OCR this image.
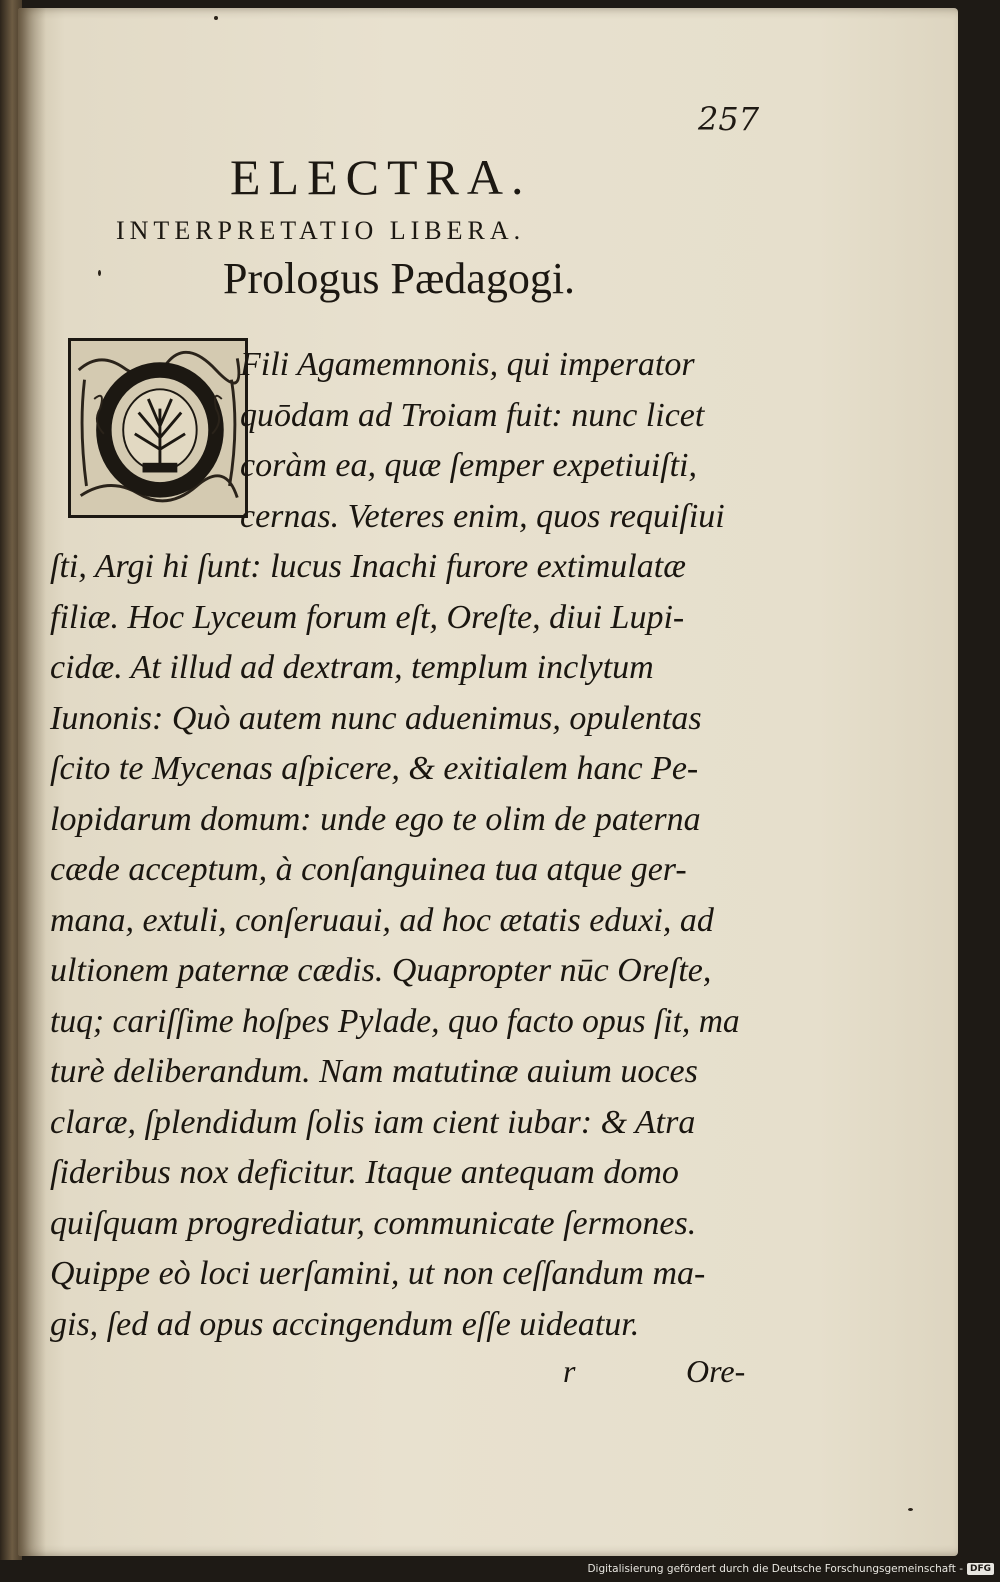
257
ELECTRA.
INTERPRETATIO LIBERA.
Prologus Pædagogi.
Fili Agamemnonis, qui imperator
quōdam ad Troiam fuit: nunc licet
coràm ea, quæ ſemper expetiuiſti,
cernas. Veteres enim, quos requiſiui
ſti, Argi hi ſunt: lucus Inachi furore extimulatæ
filiæ. Hoc Lyceum forum eſt, Oreſte, diui Lupi-
cidæ. At illud ad dextram, templum inclytum
Iunonis: Quò autem nunc aduenimus, opulentas
ſcito te Mycenas aſpicere, & exitialem hanc Pe-
lopidarum domum: unde ego te olim de paterna
cæde acceptum, à conſanguinea tua atque ger-
mana, extuli, conſeruaui, ad hoc ætatis eduxi, ad
ultionem paternæ cædis. Quapropter nūc Oreſte,
tuq; cariſſime hoſpes Pylade, quo facto opus ſit, ma
turè deliberandum. Nam matutinæ auium uoces
claræ, ſplendidum ſolis iam cient iubar: & Atra
ſideribus nox deficitur. Itaque antequam domo
quiſquam progrediatur, communicate ſermones.
Quippe eò loci uerſamini, ut non ceſſandum ma-
gis, ſed ad opus accingendum eſſe uideatur.
r	Ore-
Digitalisierung gefördert durch die Deutsche Forschungsgemeinschaft - DFG
